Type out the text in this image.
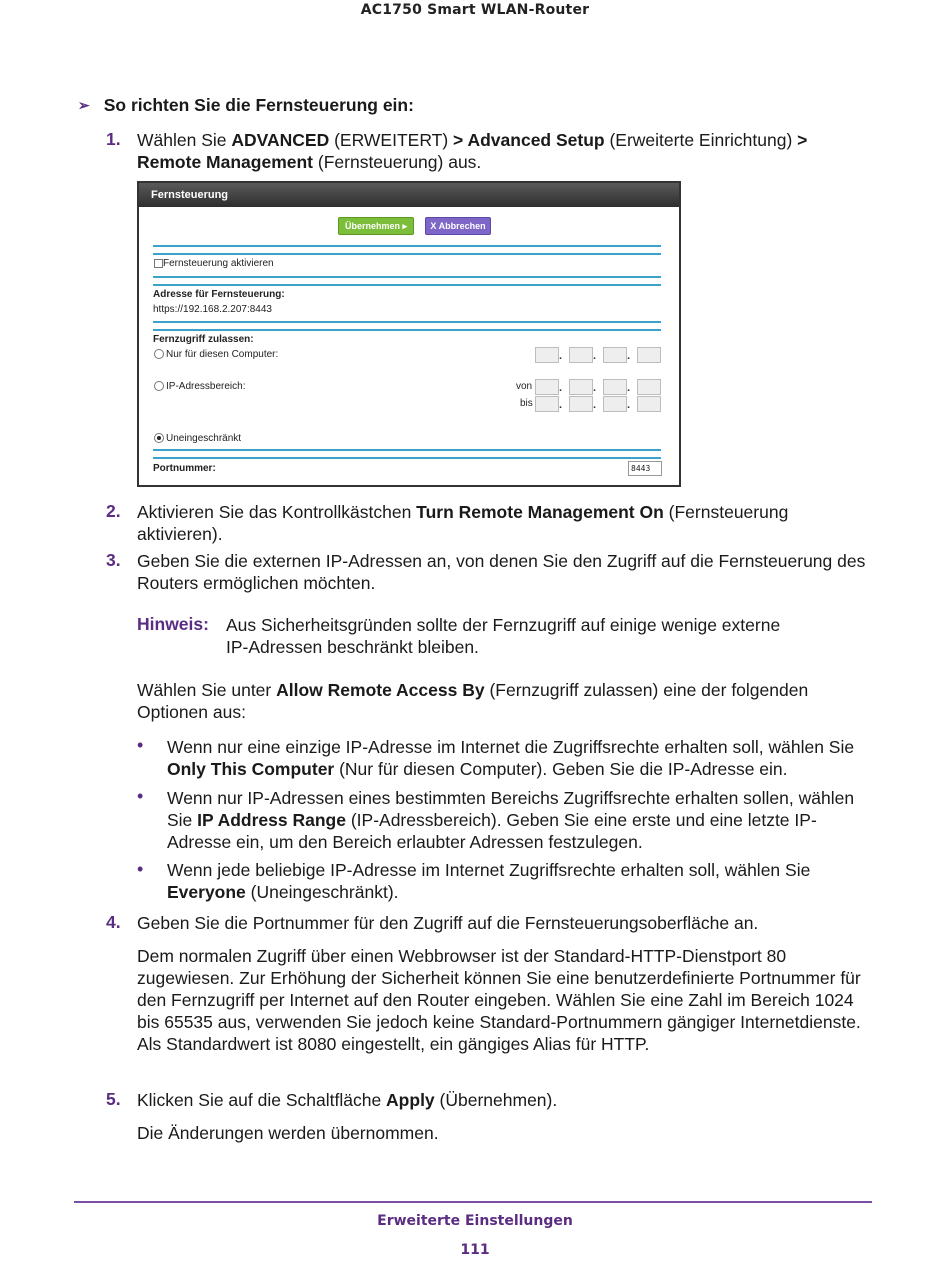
AC1750 Smart WLAN-Router
➢ So richten Sie die Fernsteuerung ein:
1. Wählen Sie ADVANCED (ERWEITERT) > Advanced Setup (Erweiterte Einrichtung) >
Remote Management (Fernsteuerung) aus.
Fernsteuerung
Übernehmen ▸	X Abbrechen
Fernsteuerung aktivieren
Adresse für Fernsteuerung:
https://192.168.2.207:8443
Fernzugriff zulassen:
Nur für diesen Computer:	.	.	.
IP-Adressbereich:	von .	.	.
bis .	.	.
Uneingeschränkt
Portnummer:	8443
2. Aktivieren Sie das Kontrollkästchen Turn Remote Management On (Fernsteuerung aktivieren).
3. Geben Sie die externen IP-Adressen an, von denen Sie den Zugriff auf die Fernsteuerung des Routers ermöglichen möchten.
Hinweis: Aus Sicherheitsgründen sollte der Fernzugriff auf einige wenige externe IP-Adressen beschränkt bleiben.
Wählen Sie unter Allow Remote Access By (Fernzugriff zulassen) eine der folgenden Optionen aus:
• Wenn nur eine einzige IP-Adresse im Internet die Zugriffsrechte erhalten soll, wählen Sie Only This Computer (Nur für diesen Computer). Geben Sie die IP-Adresse ein.
• Wenn nur IP-Adressen eines bestimmten Bereichs Zugriffsrechte erhalten sollen, wählen Sie IP Address Range (IP-Adressbereich). Geben Sie eine erste und eine letzte IP-Adresse ein, um den Bereich erlaubter Adressen festzulegen.
• Wenn jede beliebige IP-Adresse im Internet Zugriffsrechte erhalten soll, wählen Sie Everyone (Uneingeschränkt).
4. Geben Sie die Portnummer für den Zugriff auf die Fernsteuerungsoberfläche an.
Dem normalen Zugriff über einen Webbrowser ist der Standard-HTTP-Dienstport 80 zugewiesen. Zur Erhöhung der Sicherheit können Sie eine benutzerdefinierte Portnummer für den Fernzugriff per Internet auf den Router eingeben. Wählen Sie eine Zahl im Bereich 1024 bis 65535 aus, verwenden Sie jedoch keine Standard-Portnummern gängiger Internetdienste. Als Standardwert ist 8080 eingestellt, ein gängiges Alias für HTTP.
5. Klicken Sie auf die Schaltfläche Apply (Übernehmen).
Die Änderungen werden übernommen.
Erweiterte Einstellungen
111
